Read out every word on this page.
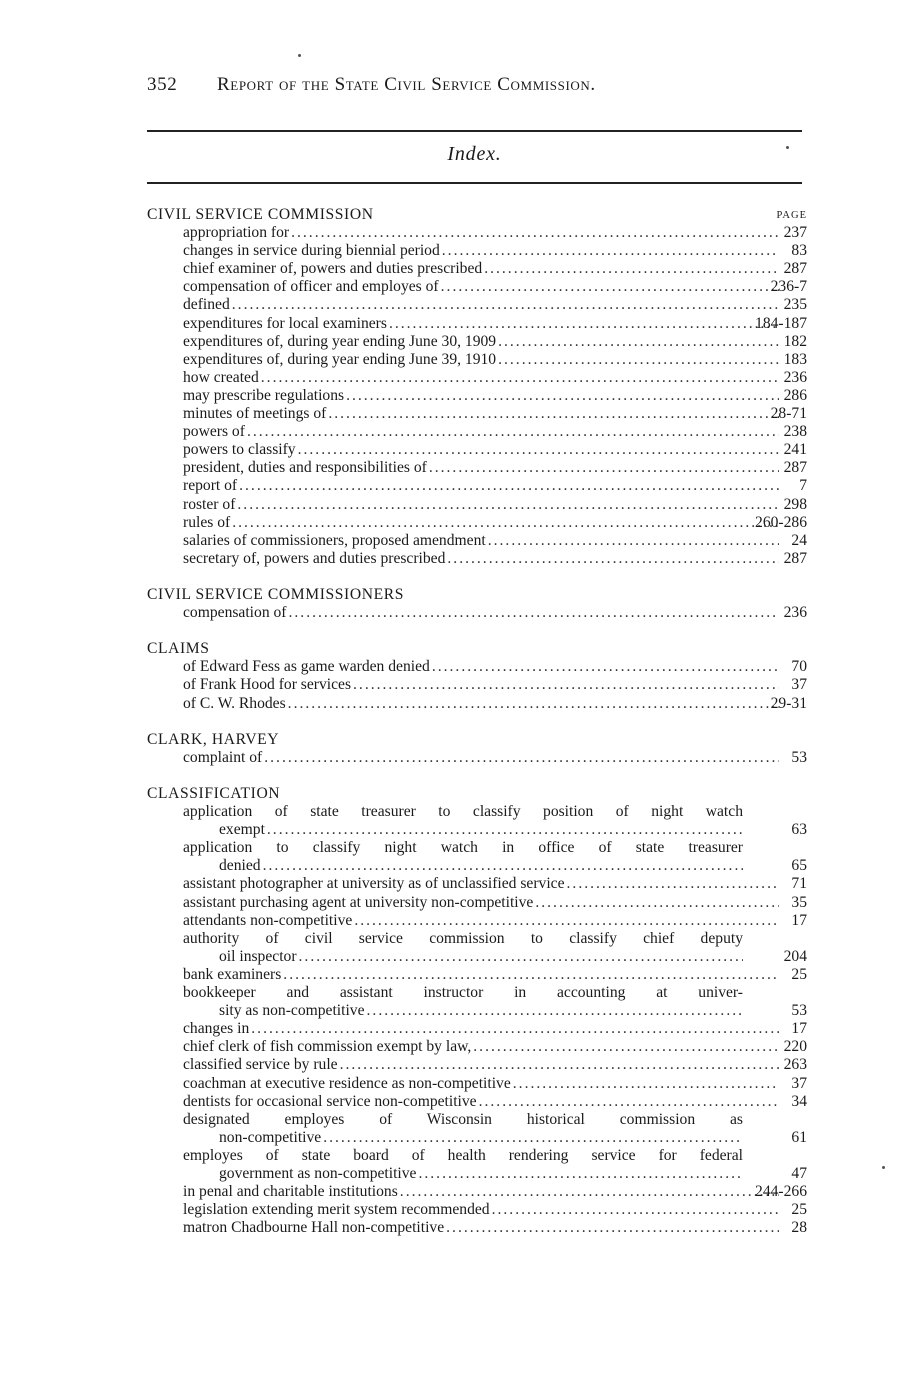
352 Report of the State Civil Service Commission.
Index.
CIVIL SERVICE COMMISSION	PAGE
appropriation for .....	237
changes in service during biennial period .....	83
chief examiner of, powers and duties prescribed .....	287
compensation of officer and employes of .....	236-7
defined .....	235
expenditures for local examiners .....	184-187
expenditures of, during year ending June 30, 1909 .....	182
expenditures of, during year ending June 39, 1910 .....	183
how created .....	236
may prescribe regulations .....	286
minutes of meetings of .....	28-71
powers of .....	238
powers to classify .....	241
president, duties and responsibilities of .....	287
report of .....	7
roster of .....	298
rules of .....	260-286
salaries of commissioners, proposed amendment .....	24
secretary of, powers and duties prescribed .....	287
CIVIL SERVICE COMMISSIONERS
compensation of .....	236
CLAIMS
of Edward Fess as game warden denied .....	70
of Frank Hood for services .....	37
of C. W. Rhodes .....	29-31
CLARK, HARVEY
complaint of .....	53
CLASSIFICATION
application of state treasurer to classify position of night watch
exempt .....	63
application to classify night watch in office of state treasurer
denied .....	65
assistant photographer at university as of unclassified service .....	71
assistant purchasing agent at university non-competitive .....	35
attendants non-competitive .....	17
authority of civil service commission to classify chief deputy
oil inspector .....	204
bank examiners .....	25
bookkeeper and assistant instructor in accounting at univer-
sity as non-competitive .....	53
changes in .....	17
chief clerk of fish commission exempt by law, .....	220
classified service by rule .....	263
coachman at executive residence as non-competitive .....	37
dentists for occasional service non-competitive .....	34
designated employes of Wisconsin historical commission as
non-competitive .....	61
employes of state board of health rendering service for federal
government as non-competitive .....	47
in penal and charitable institutions .....	244-266
legislation extending merit system recommended .....	25
matron Chadbourne Hall non-competitive .....	28
